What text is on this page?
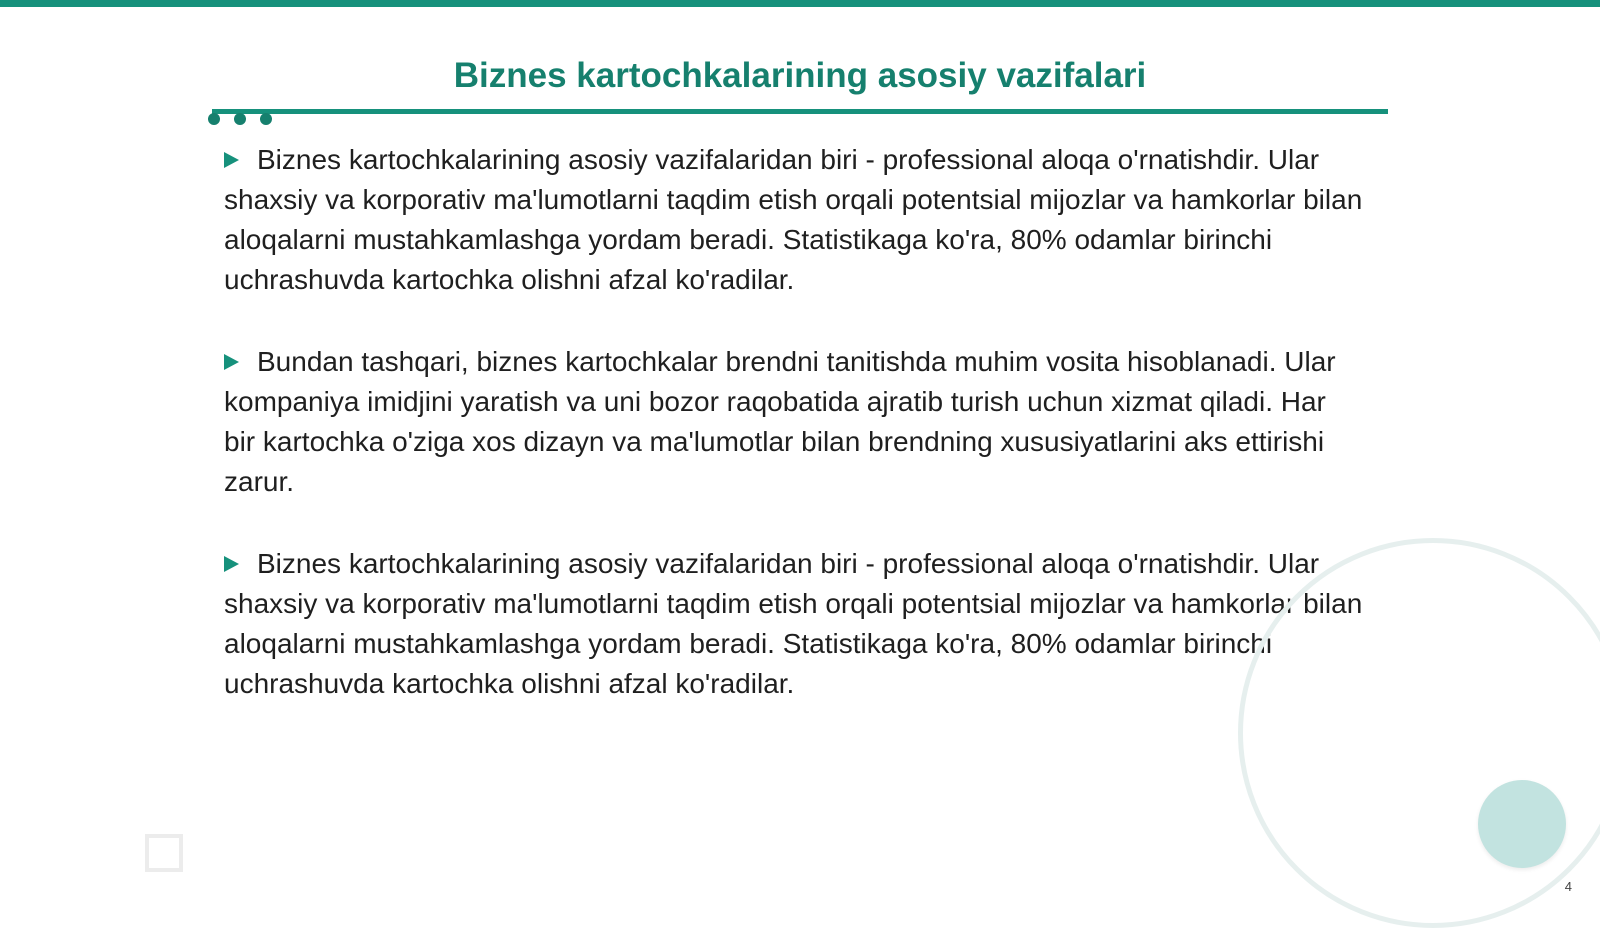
Biznes kartochkalarining asosiy vazifalari
Biznes kartochkalarining asosiy vazifalaridan biri - professional aloqa o'rnatishdir. Ular shaxsiy va korporativ ma'lumotlarni taqdim etish orqali potentsial mijozlar va hamkorlar bilan aloqalarni mustahkamlashga yordam beradi. Statistikaga ko'ra, 80% odamlar birinchi uchrashuvda kartochka olishni afzal ko'radilar.
Bundan tashqari, biznes kartochkalar brendni tanitishda muhim vosita hisoblanadi. Ular kompaniya imidjini yaratish va uni bozor raqobatida ajratib turish uchun xizmat qiladi. Har bir kartochka o'ziga xos dizayn va ma'lumotlar bilan brendning xususiyatlarini aks ettirishi zarur.
Biznes kartochkalarining asosiy vazifalaridan biri - professional aloqa o'rnatishdir. Ular shaxsiy va korporativ ma'lumotlarni taqdim etish orqali potentsial mijozlar va hamkorlar bilan aloqalarni mustahkamlashga yordam beradi. Statistikaga ko'ra, 80% odamlar birinchi uchrashuvda kartochka olishni afzal ko'radilar.
4
